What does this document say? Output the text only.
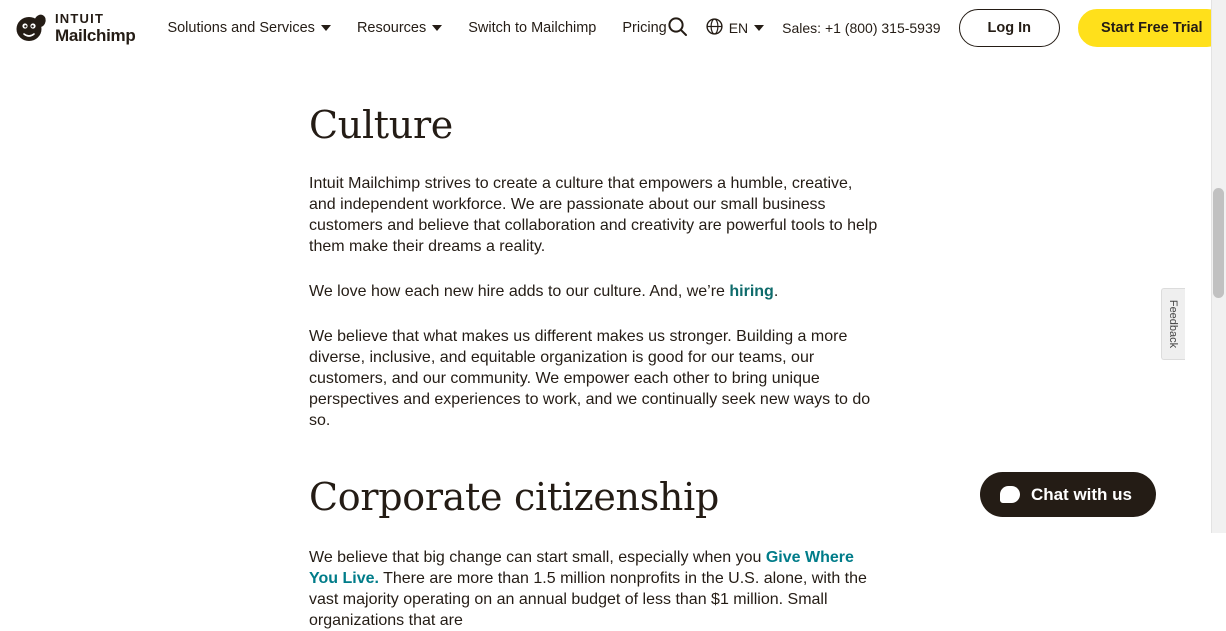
INTUIT
Mailchimp Solutions and Services	Resources	Switch to Mailchimp Pricing	EN Sales: +1 (800) 315-5939	Log In	Start Free Trial
Culture

Intuit Mailchimp strives to create a culture that empowers a humble, creative, and independent workforce. We are passionate about our small business customers and believe that collaboration and creativity are powerful tools to help them make their dreams a reality.

We love how each new hire adds to our culture. And, we’re hiring.

We believe that what makes us different makes us stronger. Building a more diverse, inclusive, and equitable organization is good for our teams, our customers, and our community. We empower each other to bring unique perspectives and experiences to work, and we continually seek new ways to do so.

Corporate citizenship

We believe that big change can start small, especially when you Give Where You Live. There are more than 1.5 million nonprofits in the U.S. alone, with the vast majority operating on an annual budget of less than $1 million. Small organizations that are

Feedback
Chat with us
